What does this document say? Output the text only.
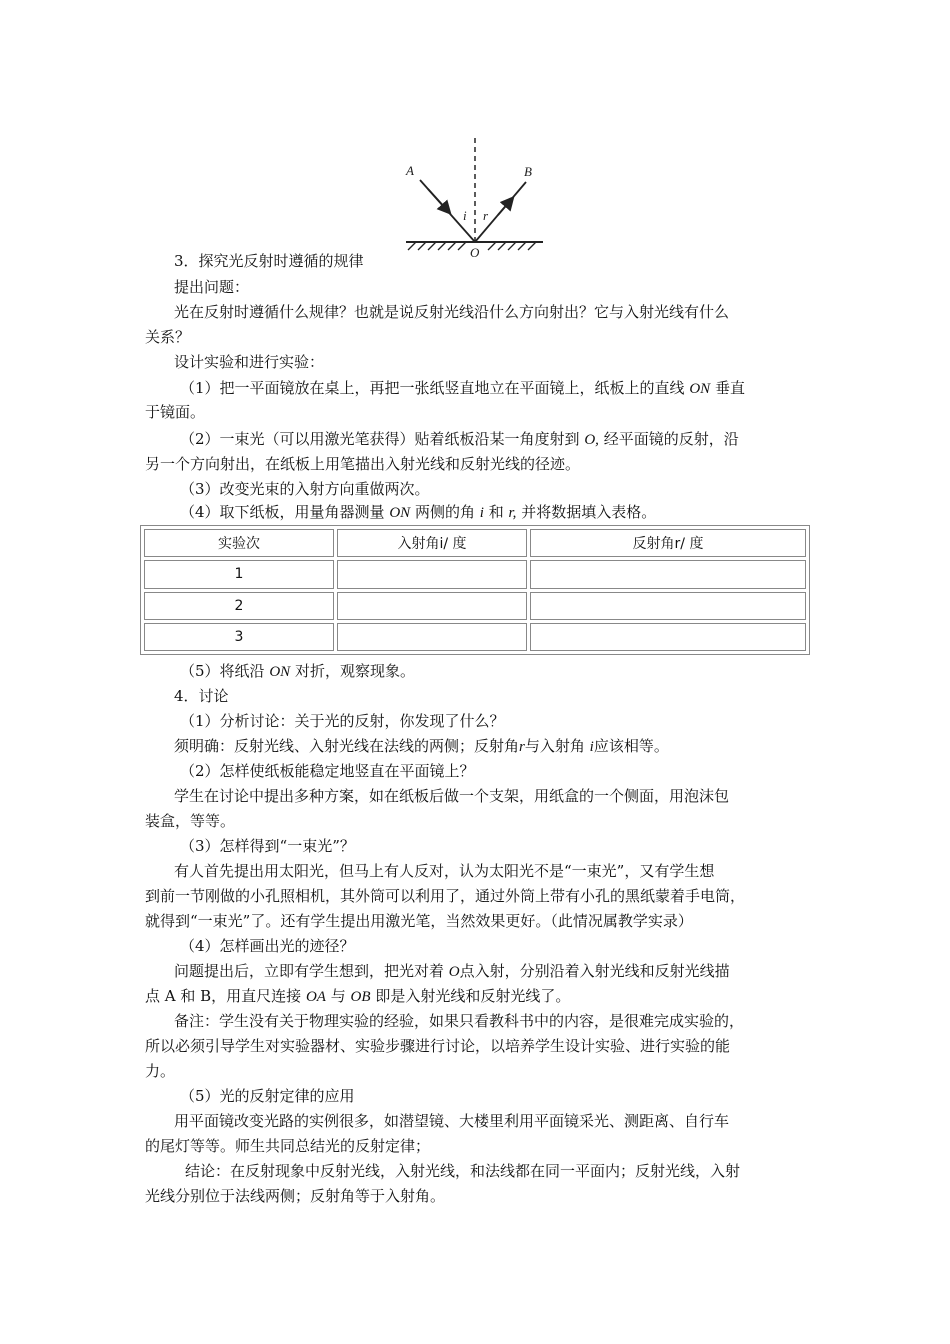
A	B
i r
O
3．探究光反射时遵循的规律
提出问题：
光在反射时遵循什么规律？也就是说反射光线沿什么方向射出？它与入射光线有什么
关系？
设计实验和进行实验：
（1）把一平面镜放在桌上，再把一张纸竖直地立在平面镜上，纸板上的直线 ON 垂直
于镜面。
（2）一束光（可以用激光笔获得）贴着纸板沿某一角度射到 O, 经平面镜的反射，沿
另一个方向射出，在纸板上用笔描出入射光线和反射光线的径迹。
（3）改变光束的入射方向重做两次。
（4）取下纸板，用量角器测量 ON 两侧的角 i 和 r, 并将数据填入表格。
实验次	入射角i/ 度	反射角r/ 度
1		
2		
3		
（5）将纸沿 ON 对折，观察现象。
4．讨论
（1）分析讨论：关于光的反射，你发现了什么？
须明确：反射光线、入射光线在法线的两侧；反射角r与入射角 i应该相等。
（2）怎样使纸板能稳定地竖直在平面镜上？
学生在讨论中提出多种方案，如在纸板后做一个支架，用纸盒的一个侧面，用泡沫包
装盒，等等。
（3）怎样得到“一束光”？
有人首先提出用太阳光，但马上有人反对，认为太阳光不是“一束光”，又有学生想
到前一节刚做的小孔照相机，其外筒可以利用了，通过外筒上带有小孔的黑纸蒙着手电筒，
就得到“一束光”了。还有学生提出用激光笔，当然效果更好。（此情况属教学实录）
（4）怎样画出光的迹径？
问题提出后，立即有学生想到，把光对着 O点入射，分别沿着入射光线和反射光线描
点 A 和 B，用直尺连接 OA 与 OB 即是入射光线和反射光线了。
备注：学生没有关于物理实验的经验，如果只看教科书中的内容，是很难完成实验的，
所以必须引导学生对实验器材、实验步骤进行讨论，以培养学生设计实验、进行实验的能
力。
（5）光的反射定律的应用
用平面镜改变光路的实例很多，如潜望镜、大楼里利用平面镜采光、测距离、自行车
的尾灯等等。师生共同总结光的反射定律；
结论：在反射现象中反射光线，入射光线，和法线都在同一平面内；反射光线，入射
光线分别位于法线两侧；反射角等于入射角。
